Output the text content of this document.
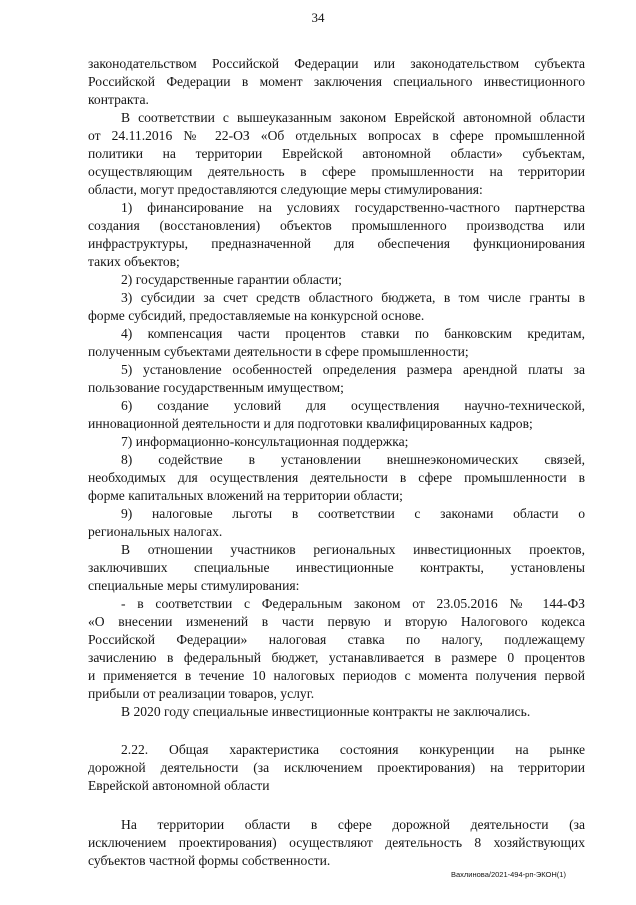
34
законодательством Российской Федерации или законодательством субъекта
Российской Федерации в момент заключения специального инвестиционного
контракта.
В соответствии с вышеуказанным законом Еврейской автономной области
от 24.11.2016 № 22-ОЗ «Об отдельных вопросах в сфере промышленной
политики на территории Еврейской автономной области» субъектам,
осуществляющим деятельность в сфере промышленности на территории
области, могут предоставляются следующие меры стимулирования:
1) финансирование на условиях государственно-частного партнерства
создания (восстановления) объектов промышленного производства или
инфраструктуры, предназначенной для обеспечения функционирования
таких объектов;
2) государственные гарантии области;
3) субсидии за счет средств областного бюджета, в том числе гранты в
форме субсидий, предоставляемые на конкурсной основе.
4) компенсация части процентов ставки по банковским кредитам,
полученным субъектами деятельности в сфере промышленности;
5) установление особенностей определения размера арендной платы за
пользование государственным имуществом;
6) создание условий для осуществления научно-технической,
инновационной деятельности и для подготовки квалифицированных кадров;
7) информационно-консультационная поддержка;
8) содействие в установлении внешнеэкономических связей,
необходимых для осуществления деятельности в сфере промышленности в
форме капитальных вложений на территории области;
9) налоговые льготы в соответствии с законами области о
региональных налогах.
В отношении участников региональных инвестиционных проектов,
заключивших специальные инвестиционные контракты, установлены
специальные меры стимулирования:
- в соответствии с Федеральным законом от 23.05.2016 № 144-ФЗ
«О внесении изменений в части первую и вторую Налогового кодекса
Российской Федерации» налоговая ставка по налогу, подлежащему
зачислению в федеральный бюджет, устанавливается в размере 0 процентов
и применяется в течение 10 налоговых периодов с момента получения первой
прибыли от реализации товаров, услуг.
В 2020 году специальные инвестиционные контракты не заключались.
2.22. Общая характеристика состояния конкуренции на рынке
дорожной деятельности (за исключением проектирования) на территории
Еврейской автономной области
На территории области в сфере дорожной деятельности (за
исключением проектирования) осуществляют деятельность 8 хозяйствующих
субъектов частной формы собственности.
Вахлинова/2021-494-рп-ЭКОН(1)
